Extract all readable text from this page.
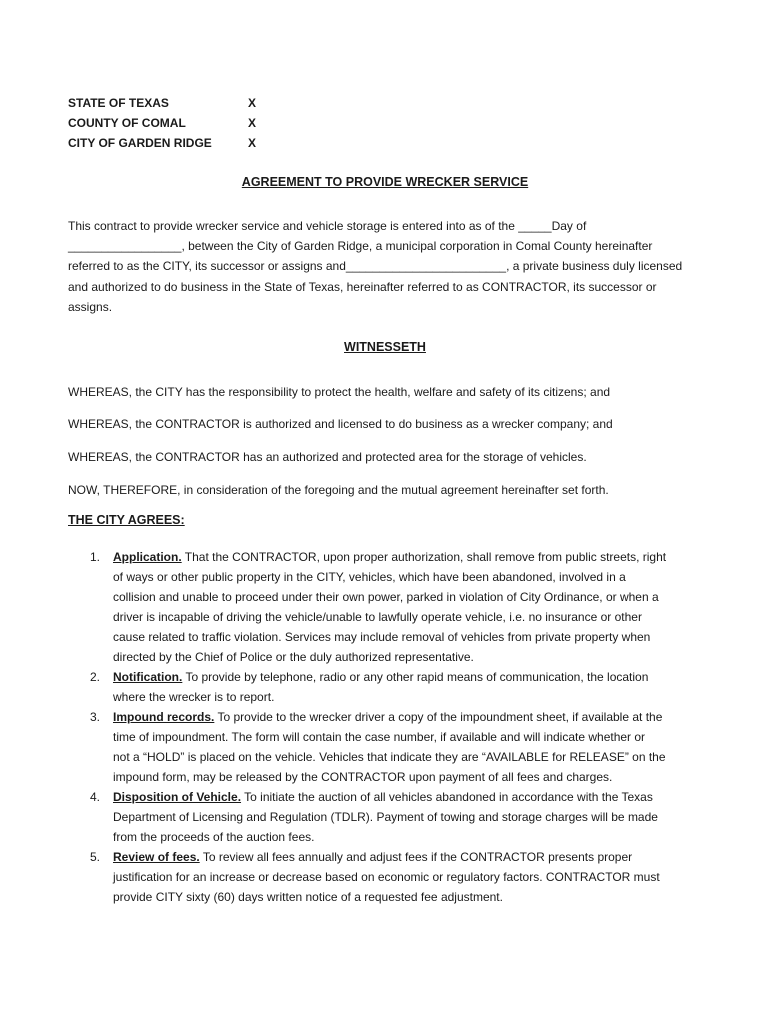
STATE OF TEXAS	X
COUNTY OF COMAL	X
CITY OF GARDEN RIDGE	X
AGREEMENT TO PROVIDE WRECKER SERVICE
This contract to provide wrecker service and vehicle storage is entered into as of the _____Day of
_________________, between the City of Garden Ridge, a municipal corporation in Comal County hereinafter
referred to as the CITY, its successor or assigns and________________________, a private business duly licensed
and authorized to do business in the State of Texas, hereinafter referred to as CONTRACTOR, its successor or
assigns.
WITNESSETH
WHEREAS, the CITY has the responsibility to protect the health, welfare and safety of its citizens; and
WHEREAS, the CONTRACTOR is authorized and licensed to do business as a wrecker company; and
WHEREAS, the CONTRACTOR has an authorized and protected area for the storage of vehicles.
NOW, THEREFORE, in consideration of the foregoing and the mutual agreement hereinafter set forth.
THE CITY AGREES:
1. Application. That the CONTRACTOR, upon proper authorization, shall remove from public streets, right
of ways or other public property in the CITY, vehicles, which have been abandoned, involved in a
collision and unable to proceed under their own power, parked in violation of City Ordinance, or when a
driver is incapable of driving the vehicle/unable to lawfully operate vehicle, i.e. no insurance or other
cause related to traffic violation. Services may include removal of vehicles from private property when
directed by the Chief of Police or the duly authorized representative.
2. Notification. To provide by telephone, radio or any other rapid means of communication, the location
where the wrecker is to report.
3. Impound records. To provide to the wrecker driver a copy of the impoundment sheet, if available at the
time of impoundment. The form will contain the case number, if available and will indicate whether or
not a “HOLD” is placed on the vehicle. Vehicles that indicate they are “AVAILABLE for RELEASE” on the
impound form, may be released by the CONTRACTOR upon payment of all fees and charges.
4. Disposition of Vehicle. To initiate the auction of all vehicles abandoned in accordance with the Texas
Department of Licensing and Regulation (TDLR). Payment of towing and storage charges will be made
from the proceeds of the auction fees.
5. Review of fees. To review all fees annually and adjust fees if the CONTRACTOR presents proper
justification for an increase or decrease based on economic or regulatory factors. CONTRACTOR must
provide CITY sixty (60) days written notice of a requested fee adjustment.
